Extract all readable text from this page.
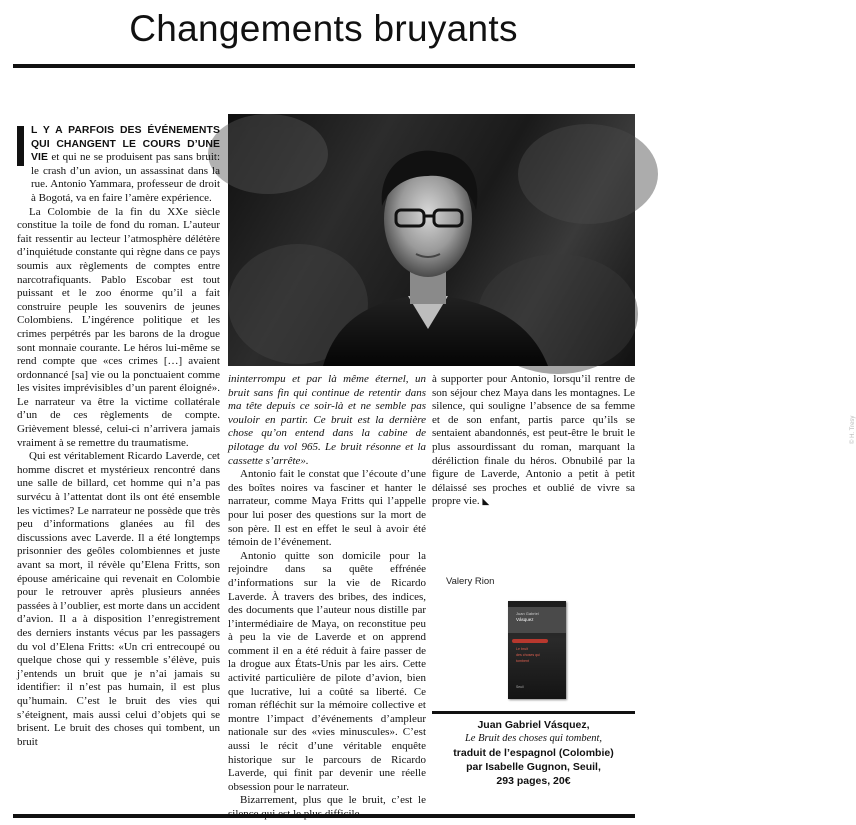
Changements bruyants
© H. Tresy

L Y A PARFOIS DES ÉVÉNEMENTS QUI CHANGENT LE COURS D’UNE VIE et qui ne se produisent pas sans bruit: le crash d’un avion, un assassinat dans la rue. Antonio Yammara, professeur de droit à Bogotá, va en faire l’amère expérience.

La Colombie de la fin du XXe siècle constitue la toile de fond du roman. L’auteur fait ressentir au lecteur l’atmosphère délétère d’inquiétude constante qui règne dans ce pays soumis aux règlements de comptes entre narcotrafiquants. Pablo Escobar est tout puissant et le zoo énorme qu’il a fait construire peuple les souvenirs de jeunes Colombiens. L’ingérence politique et les crimes perpétrés par les barons de la drogue sont monnaie courante. Le héros lui-même se rend compte que «ces crimes […] avaient ordonnancé [sa] vie ou la ponctuaient comme les visites imprévisibles d’un parent éloigné». Le narrateur va être la victime collatérale d’un de ces règlements de compte. Grièvement blessé, celui-ci n’arrivera jamais vraiment à se remettre du traumatisme.

Qui est véritablement Ricardo Laverde, cet homme discret et mystérieux rencontré dans une salle de billard, cet homme qui n’a pas survécu à l’attentat dont ils ont été ensemble les victimes? Le narrateur ne possède que très peu d’informations glanées au fil des discussions avec Laverde. Il a été longtemps prisonnier des geôles colombiennes et juste avant sa mort, il révèle qu’Elena Fritts, son épouse américaine qui revenait en Colombie pour le retrouver après plusieurs années passées à l’oublier, est morte dans un accident d’avion. Il a à disposition l’enregistrement des derniers instants vécus par les passagers du vol d’Elena Fritts: «Un cri entrecoupé ou quelque chose qui y ressemble s’élève, puis j’entends un bruit que je n’ai jamais su identifier: il n’est pas humain, il est plus qu’humain. C’est le bruit des vies qui s’éteignent, mais aussi celui d’objets qui se brisent. Le bruit des choses qui tombent, un bruit

ininterrompu et par là même éternel, un bruit sans fin qui continue de retentir dans ma tête depuis ce soir-là et ne semble pas vouloir en partir. Ce bruit est la dernière chose qu’on entend dans la cabine de pilotage du vol 965. Le bruit résonne et la cassette s’arrête».

Antonio fait le constat que l’écoute d’une des boîtes noires va fasciner et hanter le narrateur, comme Maya Fritts qui l’appelle pour lui poser des questions sur la mort de son père. Il est en effet le seul à avoir été témoin de l’événement.

Antonio quitte son domicile pour la rejoindre dans sa quête effrénée d’informations sur la vie de Ricardo Laverde. À travers des bribes, des indices, des documents que l’auteur nous distille par l’intermédiaire de Maya, on reconstitue peu à peu la vie de Laverde et on apprend comment il en a été réduit à faire passer de la drogue aux États-Unis par les airs. Cette activité particulière de pilote d’avion, bien que lucrative, lui a coûté sa liberté. Ce roman réfléchit sur la mémoire collective et montre l’impact d’événements d’ampleur nationale sur des «vies minuscules». C’est aussi le récit d’une véritable enquête historique sur le parcours de Ricardo Laverde, qui finit par devenir une réelle obsession pour le narrateur.

Bizarrement, plus que le bruit, c’est le

à supporter pour Antonio, lorsqu’il rentre de son séjour chez Maya dans les montagnes. Le silence, qui souligne l’absence de sa femme et de son enfant, partis parce qu’ils se sentaient abandonnés, est peut-être le bruit le plus assourdissant du roman, marquant la déréliction finale du héros. Obnubilé par la figure de Laverde, Antonio a petit à petit délaissé ses proches et oublié de vivre sa propre vie. ◣

Valery Rion
Juan Gabriel
Vásquez
Le bruit
des choses qui
tombent
Seuil
Juan Gabriel Vásquez,
Le Bruit des choses qui tombent,
traduit de l’espagnol (Colombie)
par Isabelle Gugnon, Seuil,
293 pages, 20€
